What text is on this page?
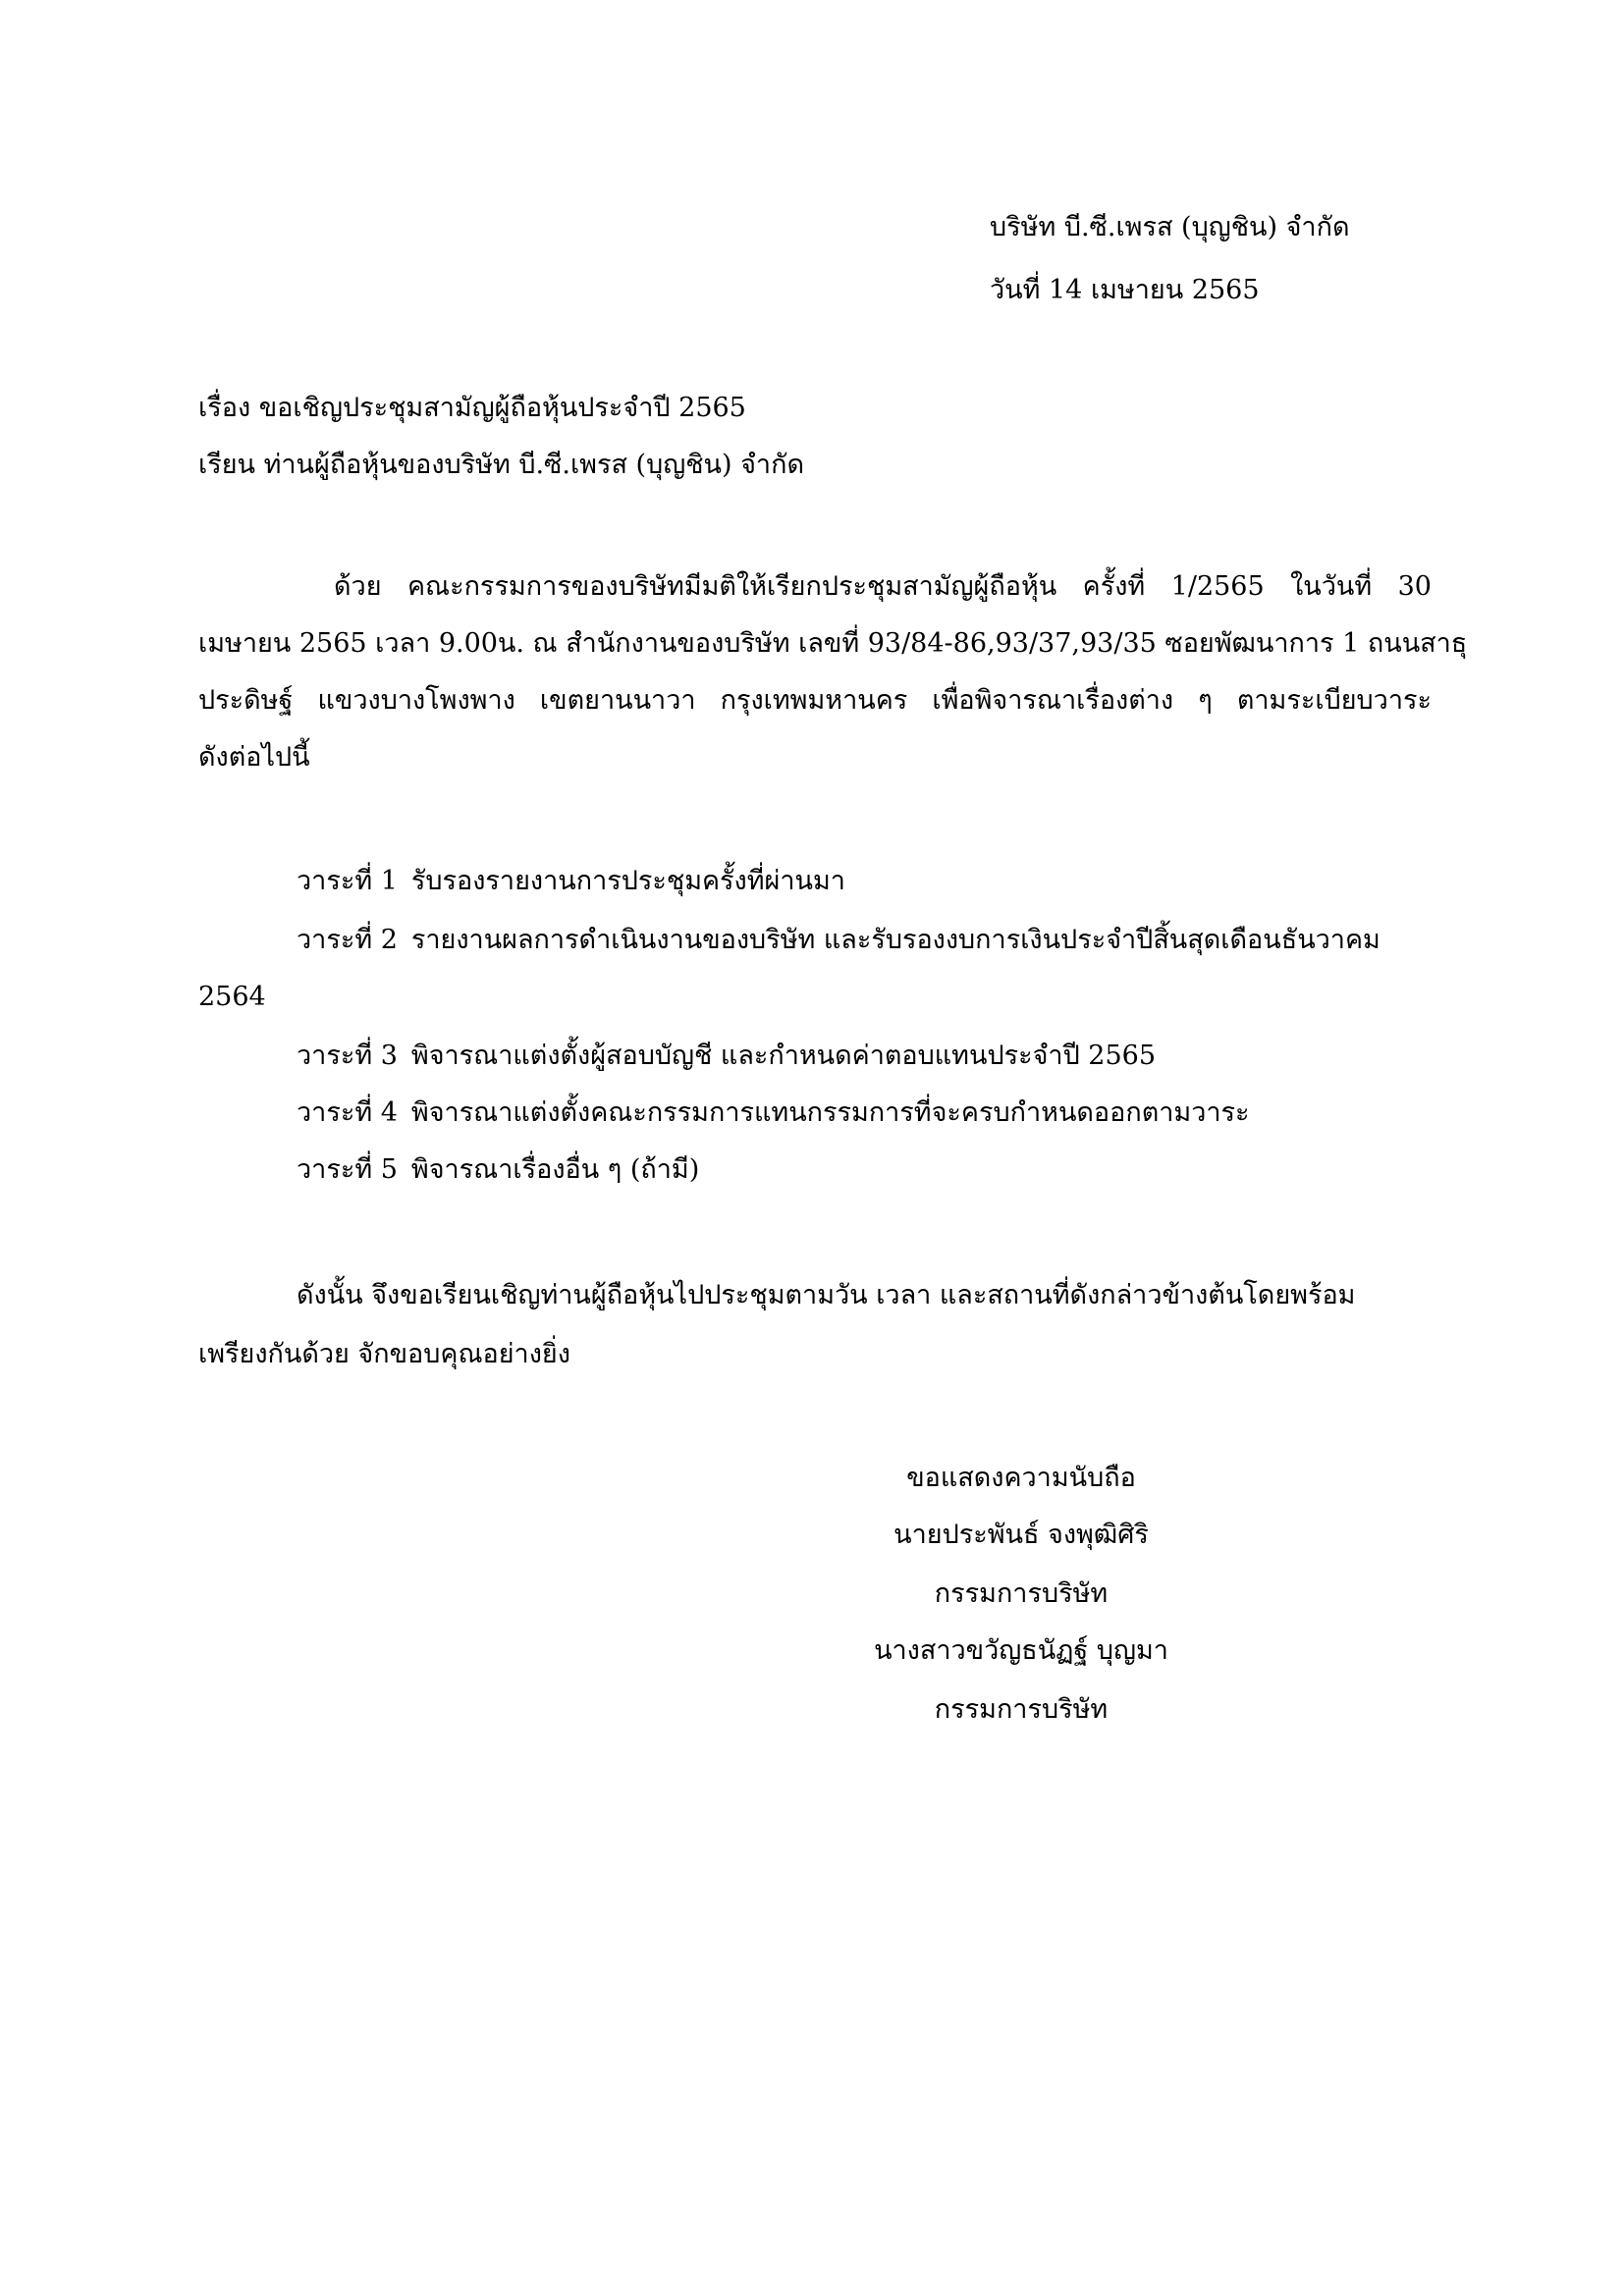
บริษัท บี.ซี.เพรส (บุญชิน) จำกัด
วันที่ 14 เมษายน 2565
เรื่อง ขอเชิญประชุมสามัญผู้ถือหุ้นประจำปี 2565
เรียน ท่านผู้ถือหุ้นของบริษัท บี.ซี.เพรส (บุญชิน) จำกัด
ด้วย คณะกรรมการของบริษัทมีมติให้เรียกประชุมสามัญผู้ถือหุ้น ครั้งที่ 1/2565 ในวันที่ 30
เมษายน 2565 เวลา 9.00น. ณ สำนักงานของบริษัท เลขที่ 93/84-86,93/37,93/35 ซอยพัฒนาการ 1 ถนนสาธุ
ประดิษฐ์ แขวงบางโพงพาง เขตยานนาวา กรุงเทพมหานคร เพื่อพิจารณาเรื่องต่าง ๆ ตามระเบียบวาระ
ดังต่อไปนี้
วาระที่ 1 รับรองรายงานการประชุมครั้งที่ผ่านมา
วาระที่ 2 รายงานผลการดำเนินงานของบริษัท และรับรองงบการเงินประจำปีสิ้นสุดเดือนธันวาคม
2564
วาระที่ 3 พิจารณาแต่งตั้งผู้สอบบัญชี และกำหนดค่าตอบแทนประจำปี 2565
วาระที่ 4 พิจารณาแต่งตั้งคณะกรรมการแทนกรรมการที่จะครบกำหนดออกตามวาระ
วาระที่ 5 พิจารณาเรื่องอื่น ๆ (ถ้ามี)
ดังนั้น จึงขอเรียนเชิญท่านผู้ถือหุ้นไปประชุมตามวัน เวลา และสถานที่ดังกล่าวข้างต้นโดยพร้อม
เพรียงกันด้วย จักขอบคุณอย่างยิ่ง
ขอแสดงความนับถือ
นายประพันธ์ จงพุฒิศิริ
กรรมการบริษัท
นางสาวขวัญธนัฏฐ์ บุญมา
กรรมการบริษัท
